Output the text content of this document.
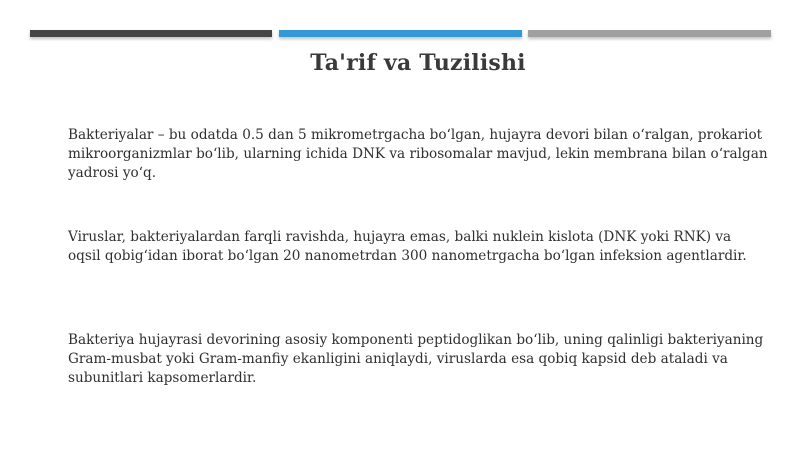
Ta'rif va Tuzilishi

Bakteriyalar – bu odatda 0.5 dan 5 mikrometrgacha boʻlgan, hujayra devori bilan oʻralgan, prokariot mikroorganizmlar boʻlib, ularning ichida DNK va ribosomalar mavjud, lekin membrana bilan oʻralgan yadrosi yoʻq.

Viruslar, bakteriyalardan farqli ravishda, hujayra emas, balki nuklein kislota (DNK yoki RNK) va oqsil qobigʻidan iborat boʻlgan 20 nanometrdan 300 nanometrgacha boʻlgan infeksion agentlardir.

Bakteriya hujayrasi devorining asosiy komponenti peptidoglikan boʻlib, uning qalinligi bakteriyaning Gram-musbat yoki Gram-manfiy ekanligini aniqlaydi, viruslarda esa qobiq kapsid deb ataladi va subunitlari kapsomerlardir.
